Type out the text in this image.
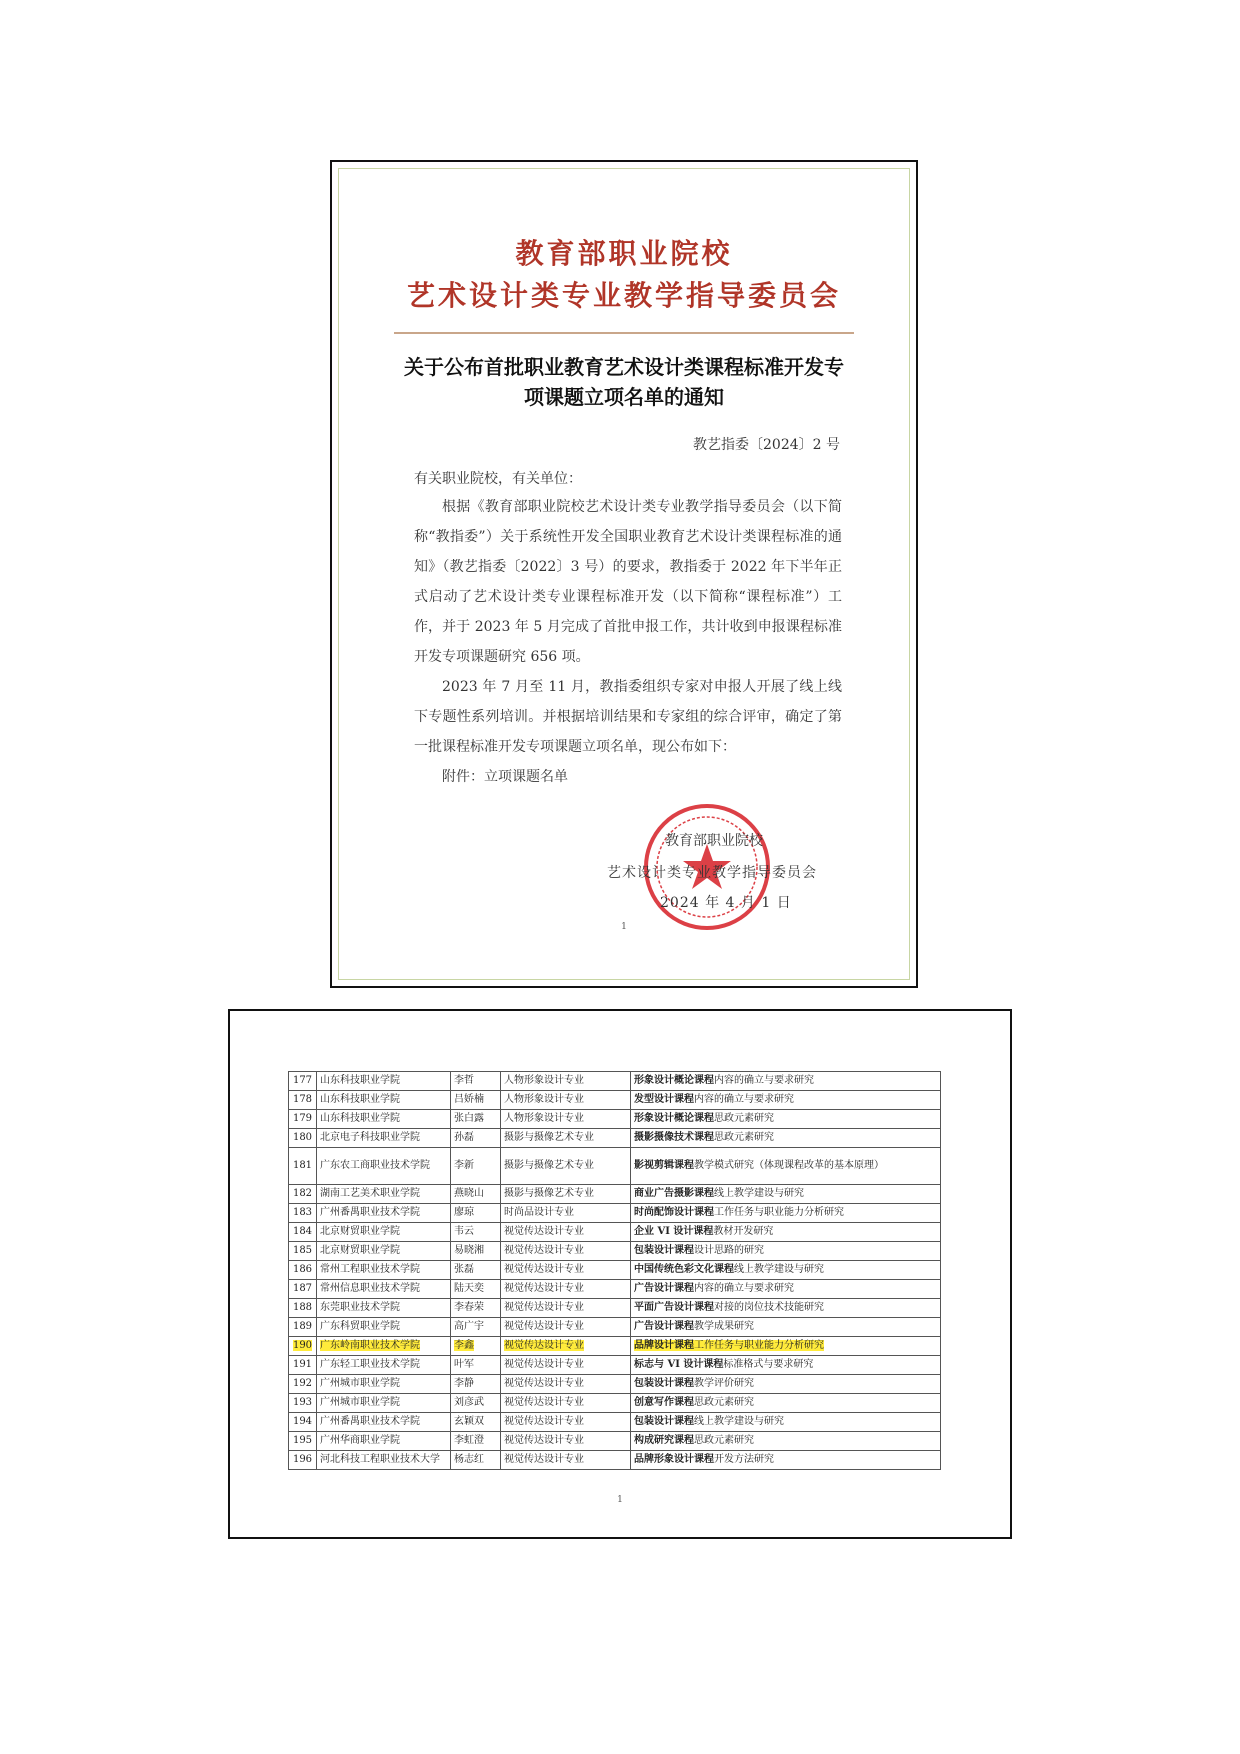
教育部职业院校
艺术设计类专业教学指导委员会
关于公布首批职业教育艺术设计类课程标准开发专项课题立项名单的通知
教艺指委〔2024〕2 号
有关职业院校，有关单位：
根据《教育部职业院校艺术设计类专业教学指导委员会（以下简称“教指委”）关于系统性开发全国职业教育艺术设计类课程标准的通知》（教艺指委〔2022〕3 号）的要求，教指委于 2022 年下半年正式启动了艺术设计类专业课程标准开发（以下简称“课程标准”）工作，并于 2023 年 5 月完成了首批申报工作，共计收到申报课程标准开发专项课题研究 656 项。
2023 年 7 月至 11 月，教指委组织专家对申报人开展了线上线下专题性系列培训。并根据培训结果和专家组的综合评审，确定了第一批课程标准开发专项课题立项名单，现公布如下：
附件：立项课题名单
教育部职业院校
艺术设计类专业教学指导委员会
2024 年 4 月 1 日
1
177	山东科技职业学院	李哲	人物形象设计专业	形象设计概论课程内容的确立与要求研究
178	山东科技职业学院	吕娇楠	人物形象设计专业	发型设计课程内容的确立与要求研究
179	山东科技职业学院	张白露	人物形象设计专业	形象设计概论课程思政元素研究
180	北京电子科技职业学院	孙磊	摄影与摄像艺术专业	摄影摄像技术课程思政元素研究
181	广东农工商职业技术学院	李新	摄影与摄像艺术专业	影视剪辑课程教学模式研究（体现课程改革的基本原理）
182	湖南工艺美术职业学院	燕晓山	摄影与摄像艺术专业	商业广告摄影课程线上教学建设与研究
183	广州番禺职业技术学院	廖琼	时尚品设计专业	时尚配饰设计课程工作任务与职业能力分析研究
184	北京财贸职业学院	韦云	视觉传达设计专业	企业 VI 设计课程教材开发研究
185	北京财贸职业学院	易晓湘	视觉传达设计专业	包装设计课程设计思路的研究
186	常州工程职业技术学院	张磊	视觉传达设计专业	中国传统色彩文化课程线上教学建设与研究
187	常州信息职业技术学院	陆天奕	视觉传达设计专业	广告设计课程内容的确立与要求研究
188	东莞职业技术学院	李春荣	视觉传达设计专业	平面广告设计课程对接的岗位技术技能研究
189	广东科贸职业学院	高广宇	视觉传达设计专业	广告设计课程教学成果研究
190	广东岭南职业技术学院	李鑫	视觉传达设计专业	品牌设计课程工作任务与职业能力分析研究
191	广东轻工职业技术学院	叶军	视觉传达设计专业	标志与 VI 设计课程标准格式与要求研究
192	广州城市职业学院	李静	视觉传达设计专业	包装设计课程教学评价研究
193	广州城市职业学院	刘彦武	视觉传达设计专业	创意写作课程思政元素研究
194	广州番禺职业技术学院	玄颖双	视觉传达设计专业	包装设计课程线上教学建设与研究
195	广州华商职业学院	李虹澄	视觉传达设计专业	构成研究课程思政元素研究
196	河北科技工程职业技术大学	杨志红	视觉传达设计专业	品牌形象设计课程开发方法研究
1
